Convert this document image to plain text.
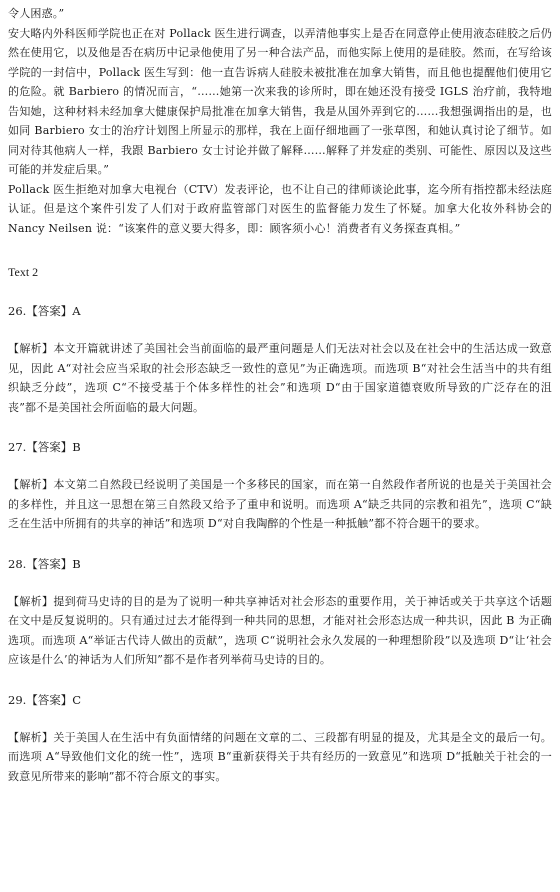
令人困惑。”

安大略内外科医师学院也正在对 Pollack 医生进行调查，以弄清他事实上是否在同意停止使用液态硅胶之后仍然在使用它，以及他是否在病历中记录他使用了另一种合法产品，而他实际上使用的是硅胶。然而，在写给该学院的一封信中，Pollack 医生写到：他一直告诉病人硅胶未被批准在加拿大销售，而且他也提醒他们使用它的危险。就 Barbiero 的情况而言，“……她第一次来我的诊所时，即在她还没有接受 IGLS 治疗前，我特地告知她，这种材料未经加拿大健康保护局批准在加拿大销售，我是从国外弄到它的……我想强调指出的是，也如同 Barbiero 女士的治疗计划图上所显示的那样，我在上面仔细地画了一张草图，和她认真讨论了细节。如同对待其他病人一样，我跟 Barbiero 女士讨论并做了解释……解释了并发症的类别、可能性、原因以及这些可能的并发症后果。”

Pollack 医生拒绝对加拿大电视台（CTV）发表评论，也不让自己的律师谈论此事，迄今所有指控都未经法庭认证。但是这个案件引发了人们对于政府监管部门对医生的监督能力发生了怀疑。加拿大化妆外科协会的 Nancy Neilsen 说：“该案件的意义要大得多，即：顾客须小心！消费者有义务探查真相。”

Text 2

26.【答案】A

【解析】本文开篇就讲述了美国社会当前面临的最严重问题是人们无法对社会以及在社会中的生活达成一致意见，因此 A“对社会应当采取的社会形态缺乏一致性的意见”为正确选项。而选项 B“对社会生活当中的共有组织缺乏分歧”，选项 C“不接受基于个体多样性的社会”和选项 D“由于国家道德衰败所导致的广泛存在的沮丧”都不是美国社会所面临的最大问题。

27.【答案】B

【解析】本文第二自然段已经说明了美国是一个多移民的国家，而在第一自然段作者所说的也是关于美国社会的多样性，并且这一思想在第三自然段又给予了重申和说明。而选项 A“缺乏共同的宗教和祖先”，选项 C“缺乏在生活中所拥有的共享的神话”和选项 D“对自我陶醉的个性是一种抵触”都不符合题干的要求。

28.【答案】B

【解析】提到荷马史诗的目的是为了说明一种共享神话对社会形态的重要作用，关于神话或关于共享这个话题在文中是反复说明的。只有通过过去才能得到一种共同的思想，才能对社会形态达成一种共识，因此 B 为正确选项。而选项 A“举证古代诗人做出的贡献”，选项 C“说明社会永久发展的一种理想阶段”以及选项 D“让‘社会应该是什么’的神话为人们所知”都不是作者列举荷马史诗的目的。

29.【答案】C

【解析】关于美国人在生活中有负面情绪的问题在文章的二、三段都有明显的提及，尤其是全文的最后一句。而选项 A“导致他们文化的统一性”，选项 B“重新获得关于共有经历的一致意见”和选项 D“抵触关于社会的一致意见所带来的影响”都不符合原文的事实。
